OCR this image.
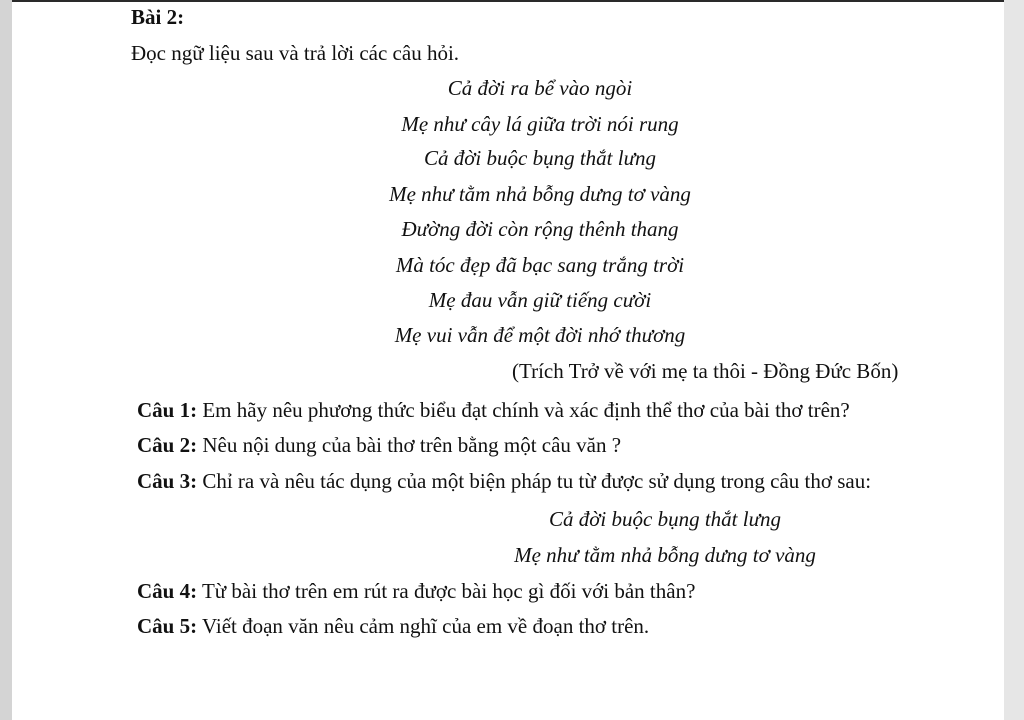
Bài 2:
Đọc ngữ liệu sau và trả lời các câu hỏi.
Cả đời ra bể vào ngòi
Mẹ như cây lá giữa trời nói rung
Cả đời buộc bụng thắt lưng
Mẹ như tằm nhả bỗng dưng tơ vàng
Đường đời còn rộng thênh thang
Mà tóc đẹp đã bạc sang trắng trời
Mẹ đau vẫn giữ tiếng cười
Mẹ vui vẫn để một đời nhớ thương
(Trích Trở về với mẹ ta thôi - Đồng Đức Bốn)
Câu 1: Em hãy nêu phương thức biểu đạt chính và xác định thể thơ của bài thơ trên?
Câu 2: Nêu nội dung của bài thơ trên bằng một câu văn ?
Câu 3: Chỉ ra và nêu tác dụng của một biện pháp tu từ được sử dụng trong câu thơ sau:
Cả đời buộc bụng thắt lưng
Mẹ như tằm nhả bỗng dưng tơ vàng
Câu 4: Từ bài thơ trên em rút ra được bài học gì đối với bản thân?
Câu 5: Viết đoạn văn nêu cảm nghĩ của em về đoạn thơ trên.
